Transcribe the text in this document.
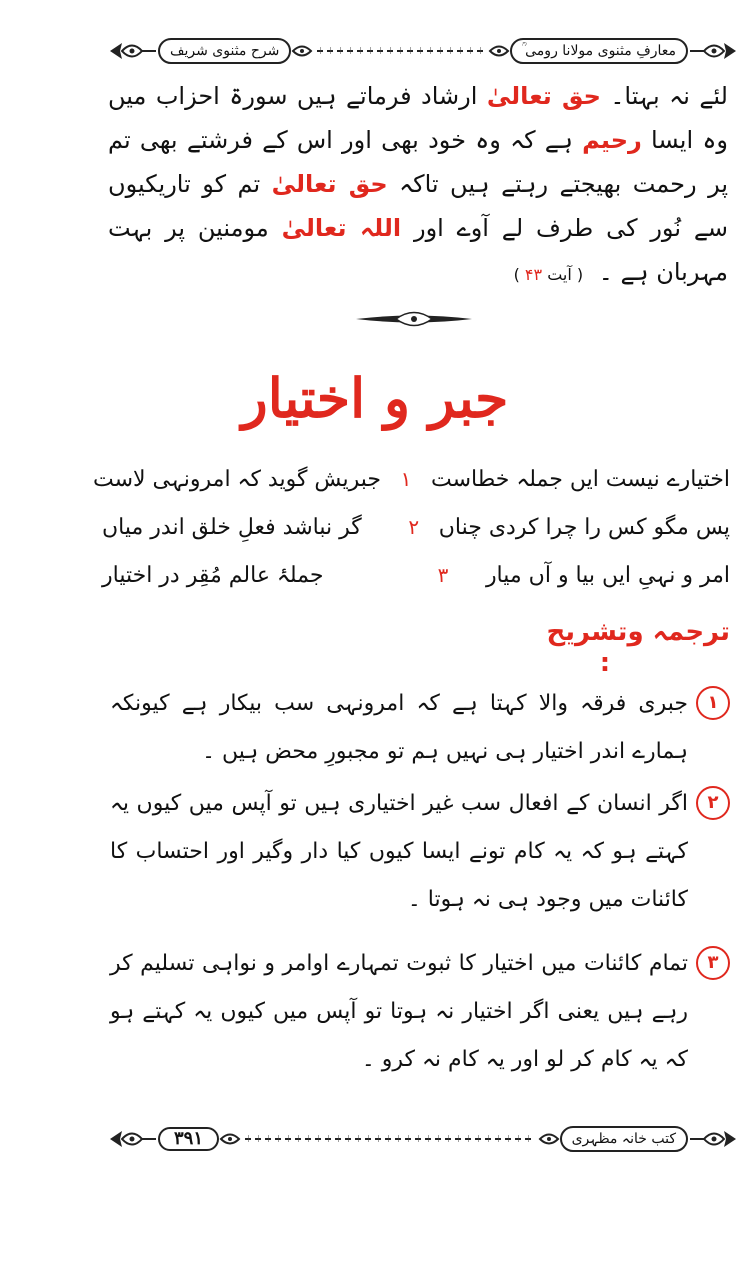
شرح مثنوی شریف	معارفِ مثنوی مولانا رومی ؒ
لئے نہ بہتا۔ حق تعالیٰ ارشاد فرماتے ہیں سورۃ احزاب میں وہ ایسا رحیم ہے کہ وہ خود بھی اور اس کے فرشتے بھی تم پر رحمت بھیجتے رہتے ہیں تاکہ حق تعالیٰ تم کو تاریکیوں سے نُور کی طرف لے آوے اور اللہ تعالیٰ مومنین پر بہت مہربان ہے ۔ ( آیت ۴۳ )
جبر و اختیار
اختیارے نیست ایں جملہ خطاست
۱
جبریش گوید کہ امرونہی لاست
پس مگو کس را چرا کردی چناں
۲
گر نباشد فعلِ خلق اندر میاں
امر و نہیِ ایں بیا و آں میار
۳
جملۂ عالم مُقِر در اختیار
ترجمہ وتشریح
:
۱
جبری فرقہ والا کہتا ہے کہ امرونہی سب بیکار ہے کیونکہ ہمارے اندر اختیار ہی نہیں ہم تو مجبورِ محض ہیں ۔
۲
اگر انسان کے افعال سب غیر اختیاری ہیں تو آپس میں کیوں یہ کہتے ہو کہ یہ کام تونے ایسا کیوں کیا دار وگیر اور احتساب کا کائنات میں وجود ہی نہ ہوتا ۔
۳
تمام کائنات میں اختیار کا ثبوت تمہارے اوامر و نواہی تسلیم کر رہے ہیں یعنی اگر اختیار نہ ہوتا تو آپس میں کیوں یہ کہتے ہو کہ یہ کام کر لو اور یہ کام نہ کرو ۔
۳۹۱	کتب خانہ مظہری
